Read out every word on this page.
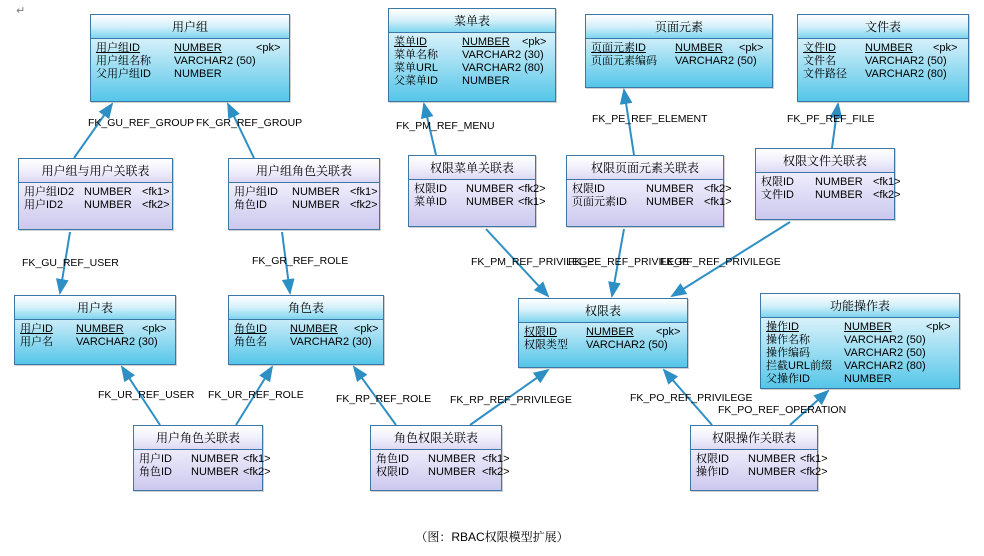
↵
用户组
用户组ID	NUMBER	<pk>
用户组名称 VARCHAR2 (50)
父用户组ID NUMBER
菜单表
菜单ID	NUMBER <pk>
菜单名称 VARCHAR2 (30)
菜单URL VARCHAR2 (80)
父菜单ID NUMBER
页面元素
页面元素ID	NUMBER <pk>
页面元素编码 VARCHAR2 (50)
文件表
文件ID	NUMBER <pk>
文件名	VARCHAR2 (50)
文件路径 VARCHAR2 (80)
用户组与用户关联表
用户组ID2 NUMBER <fk1>
用户ID2 NUMBER <fk2>
用户组角色关联表
用户组ID NUMBER <fk1>
角色ID NUMBER <fk2>
权限菜单关联表
权限ID NUMBER <fk2>
菜单ID NUMBER <fk1>
权限页面元素关联表
权限ID	NUMBER <fk2>
页面元素ID NUMBER <fk1>
权限文件关联表
权限ID NUMBER <fk1>
文件ID NUMBER <fk2>
用户表
用户ID NUMBER <pk>
用户名 VARCHAR2 (30)
角色表
角色ID NUMBER <pk>
角色名 VARCHAR2 (30)
权限表
权限ID	NUMBER <pk>
权限类型 VARCHAR2 (50)
功能操作表
操作ID	NUMBER	<pk>
操作名称	VARCHAR2 (50)
操作编码	VARCHAR2 (50)
拦截URL前缀 VARCHAR2 (80)
父操作ID	NUMBER
用户角色关联表
用户ID NUMBER <fk1>
角色ID NUMBER <fk2>
角色权限关联表
角色ID NUMBER <fk1>
权限ID NUMBER <fk2>
权限操作关联表
权限ID NUMBER <fk1>
操作ID NUMBER <fk2>
FK_GU_REF_GROUP FK_GR_REF_GROUP	FK_PM_REF_MENU
FK_PE_REF_ELEMENT	FK_PF_REF_FILE
FK_GU_REF_USER	FK_GR_REF_ROLE	FK_PM_REF_PRIVILEGE
FK_PE_REF_PRIVILEGE
FK_PF_REF_PRIVILEGE
FK_UR_REF_USER FK_UR_REF_ROLE	FK_RP_REF_ROLE FK_RP_REF_PRIVILEGE	FK_PO_REF_PRIVILEGE
FK_PO_REF_OPERATION
（图：RBAC权限模型扩展）
